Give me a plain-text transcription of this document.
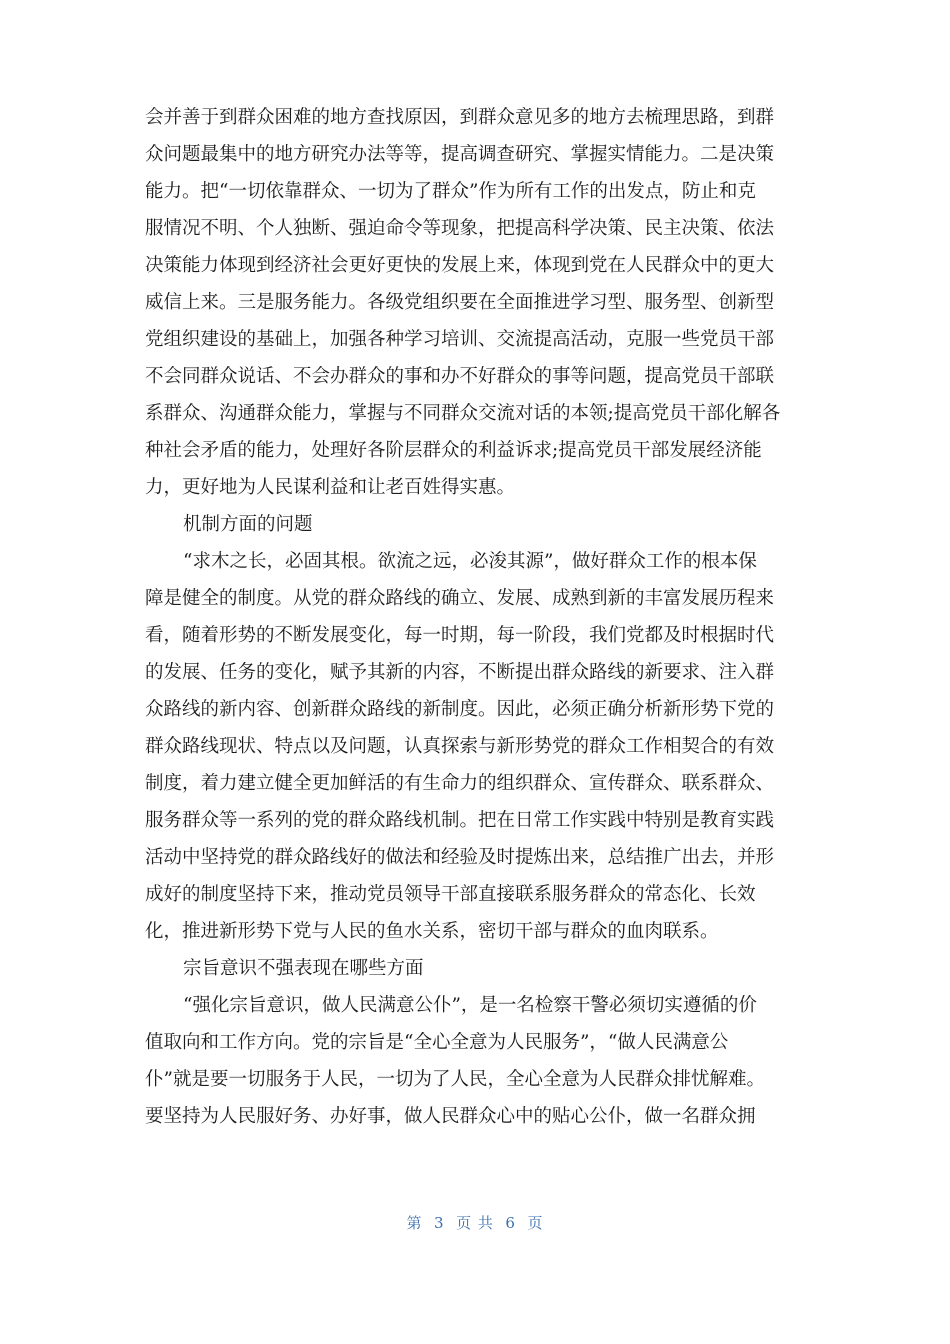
会并善于到群众困难的地方查找原因，到群众意见多的地方去梳理思路，到群
众问题最集中的地方研究办法等等，提高调查研究、掌握实情能力。二是决策
能力。把“一切依靠群众、一切为了群众”作为所有工作的出发点，防止和克
服情况不明、个人独断、强迫命令等现象，把提高科学决策、民主决策、依法
决策能力体现到经济社会更好更快的发展上来，体现到党在人民群众中的更大
威信上来。三是服务能力。各级党组织要在全面推进学习型、服务型、创新型
党组织建设的基础上，加强各种学习培训、交流提高活动，克服一些党员干部
不会同群众说话、不会办群众的事和办不好群众的事等问题，提高党员干部联
系群众、沟通群众能力，掌握与不同群众交流对话的本领;提高党员干部化解各
种社会矛盾的能力，处理好各阶层群众的利益诉求;提高党员干部发展经济能
力，更好地为人民谋利益和让老百姓得实惠。
机制方面的问题
“求木之长，必固其根。欲流之远，必浚其源”，做好群众工作的根本保
障是健全的制度。从党的群众路线的确立、发展、成熟到新的丰富发展历程来
看，随着形势的不断发展变化，每一时期，每一阶段，我们党都及时根据时代
的发展、任务的变化，赋予其新的内容，不断提出群众路线的新要求、注入群
众路线的新内容、创新群众路线的新制度。因此，必须正确分析新形势下党的
群众路线现状、特点以及问题，认真探索与新形势党的群众工作相契合的有效
制度，着力建立健全更加鲜活的有生命力的组织群众、宣传群众、联系群众、
服务群众等一系列的党的群众路线机制。把在日常工作实践中特别是教育实践
活动中坚持党的群众路线好的做法和经验及时提炼出来，总结推广出去，并形
成好的制度坚持下来，推动党员领导干部直接联系服务群众的常态化、长效
化，推进新形势下党与人民的鱼水关系，密切干部与群众的血肉联系。
宗旨意识不强表现在哪些方面
“强化宗旨意识，做人民满意公仆”，是一名检察干警必须切实遵循的价
值取向和工作方向。党的宗旨是“全心全意为人民服务”，“做人民满意公
仆”就是要一切服务于人民，一切为了人民，全心全意为人民群众排忧解难。
要坚持为人民服好务、办好事，做人民群众心中的贴心公仆，做一名群众拥
第  3  页 共  6  页
